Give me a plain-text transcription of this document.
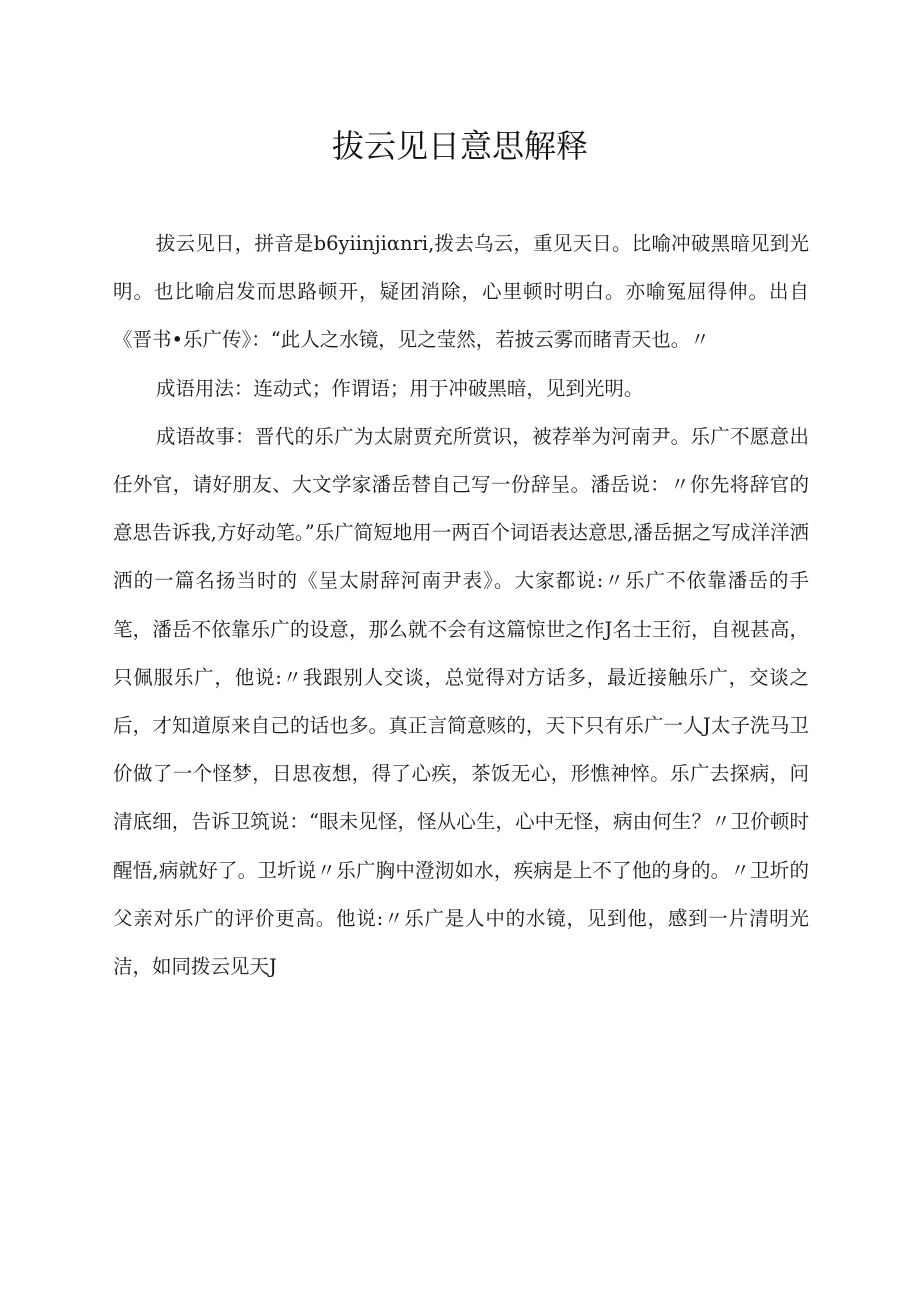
拔云见日意思解释

拔云见日，拼音是b6yiinjiαnri,拨去乌云，重见天日。比喻冲破黑暗见到光明。也比喻启发而思路顿开，疑团消除，心里顿时明白。亦喻冤屈得伸。出自《晋书•乐广传》：“此人之水镜，见之莹然，若披云雾而睹青天也。〃

成语用法：连动式；作谓语；用于冲破黑暗，见到光明。

成语故事：晋代的乐广为太尉贾充所赏识，被荐举为河南尹。乐广不愿意出任外官，请好朋友、大文学家潘岳替自己写一份辞呈。潘岳说：〃你先将辞官的意思告诉我,方好动笔。”乐广简短地用一两百个词语表达意思,潘岳据之写成洋洋洒洒的一篇名扬当时的《呈太尉辞河南尹表》。大家都说:〃乐广不依靠潘岳的手笔，潘岳不依靠乐广的设意，那么就不会有这篇惊世之作J名士王衍，自视甚高，只佩服乐广，他说:〃我跟别人交谈，总觉得对方话多，最近接触乐广，交谈之后，才知道原来自己的话也多。真正言简意赅的，天下只有乐广一人J太子洗马卫价做了一个怪梦，日思夜想，得了心疾，茶饭无心，形憔神悴。乐广去探病，问清底细，告诉卫筑说：“眼未见怪，怪从心生，心中无怪，病由何生？〃卫价顿时醒悟,病就好了。卫圻说〃乐广胸中澄沏如水，疾病是上不了他的身的。〃卫圻的父亲对乐广的评价更高。他说:〃乐广是人中的水镜，见到他，感到一片清明光洁，如同拨云见天J
